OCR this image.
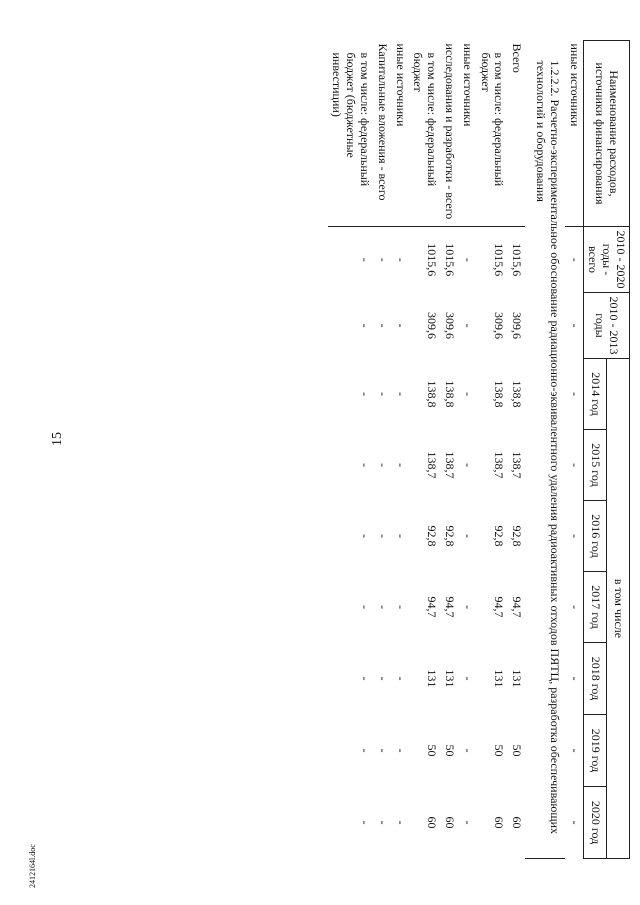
15
2412164l.doc
Наименование расходов, источники финансирования	2010 - 2020 годы - всего	2010 - 2013 годы	в том числе						
			2014 год	2015 год	2016 год	2017 год	2018 год	2019 год	2020 год
иные источники	-	-	-	-	-	-	-	-	-
1.2.2.2. Расчетно-экспериментальное обоснование радиационно-эквивалентного удаления радиоактивных отходов ПЯТЦ, разработка обеспечивающих технологий и оборудования									
Всего	1015,6	309,6	138,8	138,7	92,8	94,7	131	50	60
в том числе: федеральный бюджет	1015,6	309,6	138,8	138,7	92,8	94,7	131	50	60
иные источники	-	-	-	-	-	-	-	-	-
исследования и разработки - всего	1015,6	309,6	138,8	138,7	92,8	94,7	131	50	60
в том числе: федеральный бюджет	1015,6	309,6	138,8	138,7	92,8	94,7	131	50	60
иные источники	-	-	-	-	-	-	-	-	-
Капитальные вложения - всего	-	-	-	-	-	-	-	-	-
в том числе: федеральный бюджет (бюджетные инвестиции)	-	-	-	-	-	-	-	-	-
